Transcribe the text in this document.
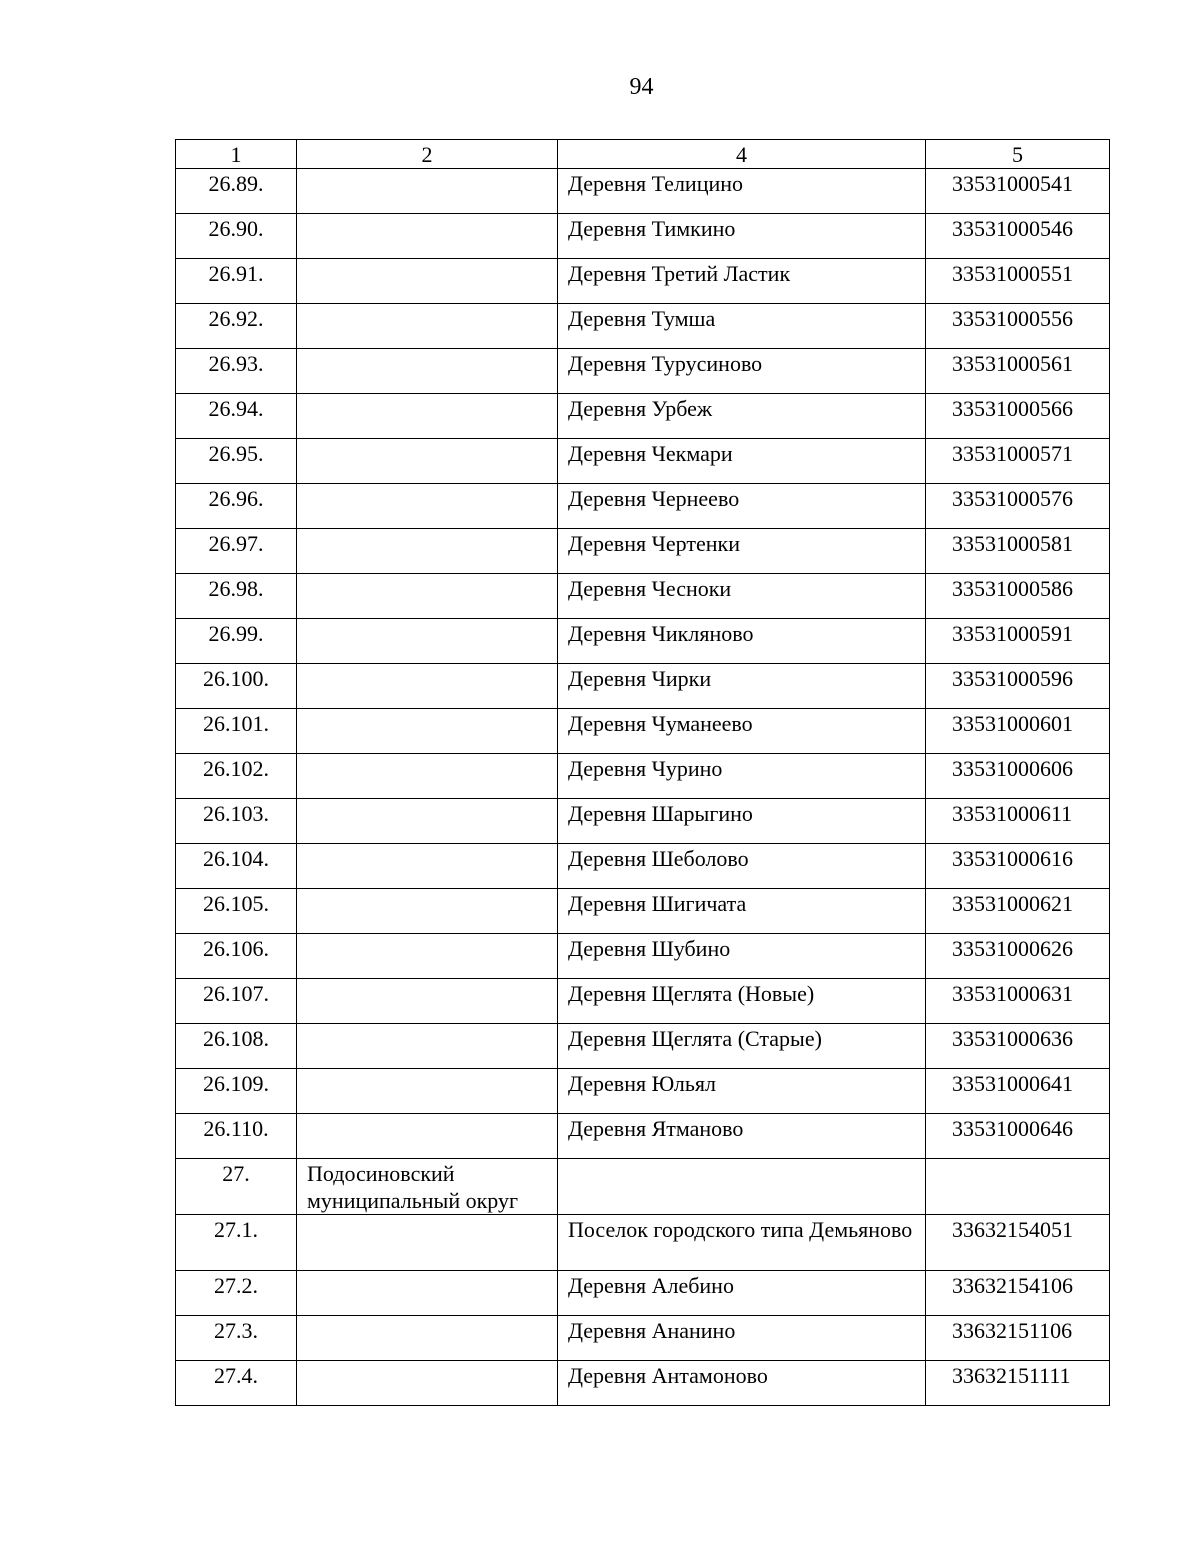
94
1	2	4	5
26.89.		Деревня Телицино	33531000541
26.90.		Деревня Тимкино	33531000546
26.91.		Деревня Третий Ластик	33531000551
26.92.		Деревня Тумша	33531000556
26.93.		Деревня Турусиново	33531000561
26.94.		Деревня Урбеж	33531000566
26.95.		Деревня Чекмари	33531000571
26.96.		Деревня Чернеево	33531000576
26.97.		Деревня Чертенки	33531000581
26.98.		Деревня Чесноки	33531000586
26.99.		Деревня Чикляново	33531000591
26.100.		Деревня Чирки	33531000596
26.101.		Деревня Чуманеево	33531000601
26.102.		Деревня Чурино	33531000606
26.103.		Деревня Шарыгино	33531000611
26.104.		Деревня Шеболово	33531000616
26.105.		Деревня Шигичата	33531000621
26.106.		Деревня Шубино	33531000626
26.107.		Деревня Щеглята (Новые)	33531000631
26.108.		Деревня Щеглята (Старые)	33531000636
26.109.		Деревня Юльял	33531000641
26.110.		Деревня Ятманово	33531000646
27.	Подосиновский муниципальный округ		
27.1.		Поселок городского типа Демьяново	33632154051
27.2.		Деревня Алебино	33632154106
27.3.		Деревня Ананино	33632151106
27.4.		Деревня Антамоново	33632151111
